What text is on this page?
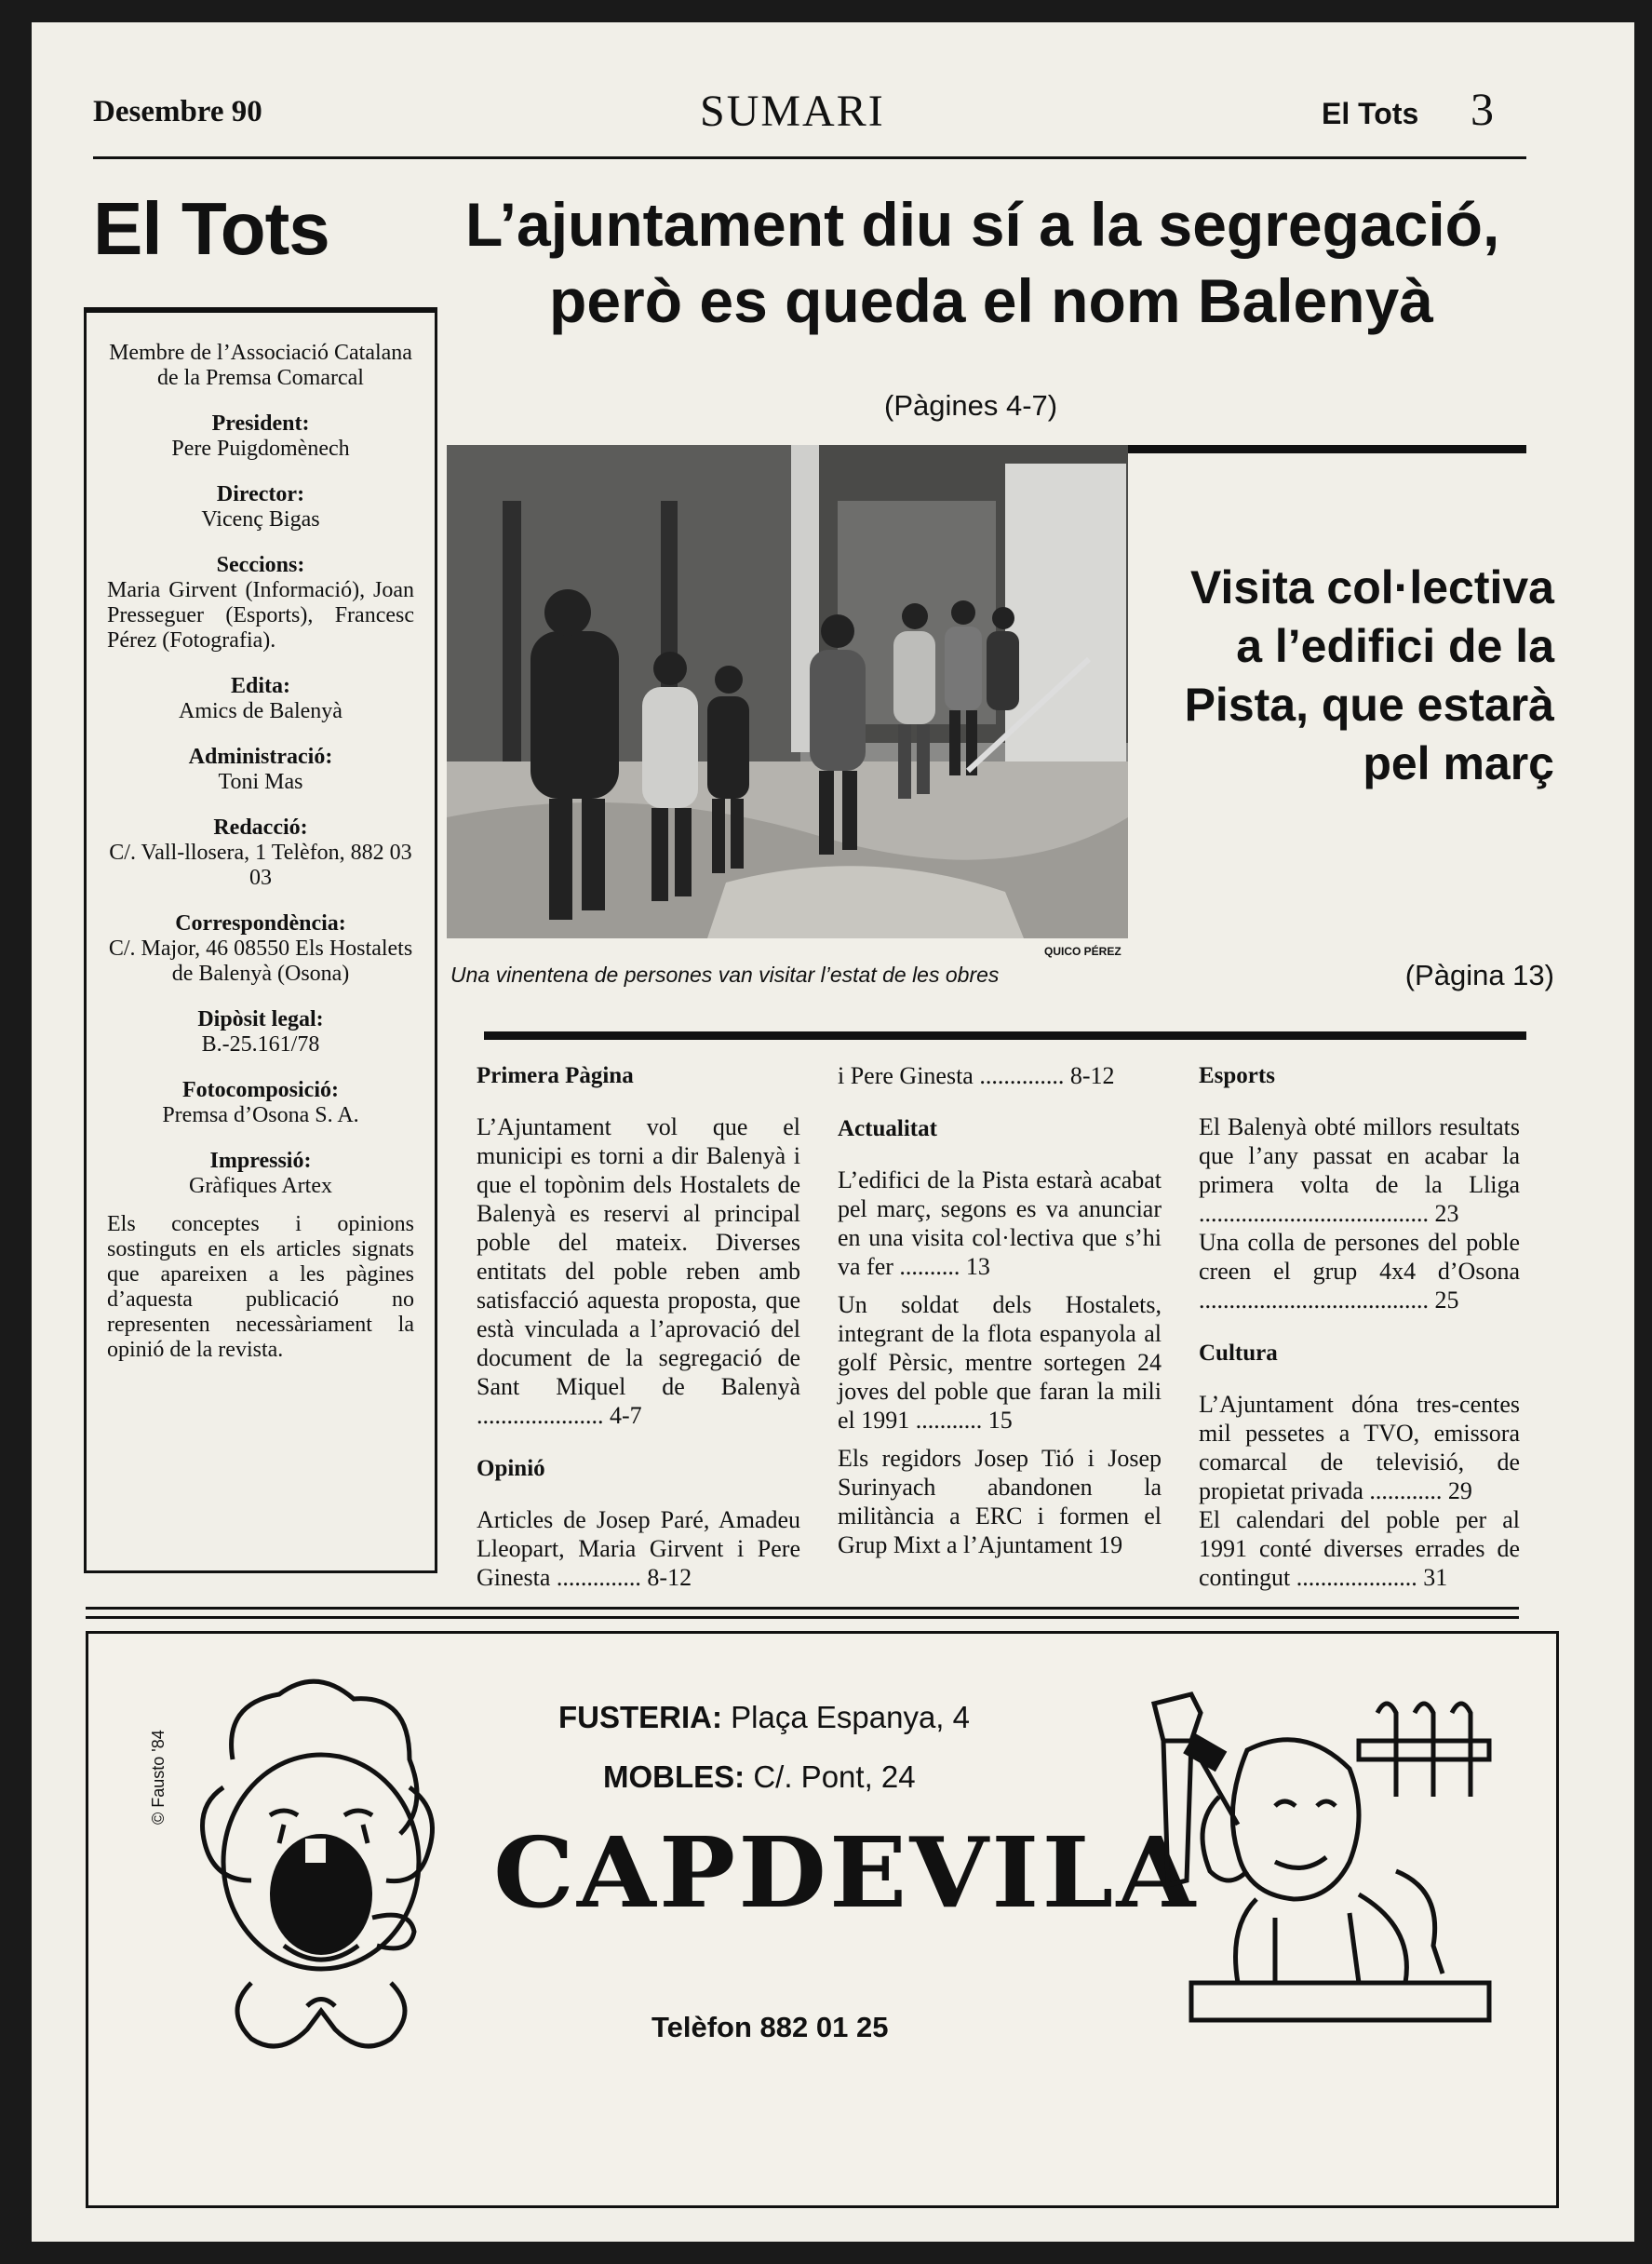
Desembre 90	SUMARI	El Tots 3
El Tots	L’ajuntament diu sí a la segregació,
però es queda el nom Balenyà
(Pàgines 4-7)
Membre de l’Associació Catalana de la Premsa Comarcal
President:
Pere Puigdomènech
Director:
Vicenç Bigas
Seccions:
Maria Girvent (Informació), Joan Presseguer (Esports), Francesc Pérez (Fotografia).
Edita:
Amics de Balenyà
Administració:
Toni Mas
Redacció:
C/. Vall-llosera, 1 Telèfon, 882 03 03
Correspondència:
C/. Major, 46 08550 Els Hostalets de Balenyà (Osona)
Dipòsit legal:
B.-25.161/78
Fotocomposició:
Premsa d’Osona S. A.
Impressió:
Gràfiques Artex
Els conceptes i opinions sostinguts en els articles signats que apareixen a les pàgines d’aquesta publicació no representen necessàriament la opinió de la revista.
QUICO PÉREZ
Una vinentena de persones van visitar l’estat de les obres
Visita col·lectiva a l’edifici de la Pista, que estarà pel març
(Pàgina 13)
Primera Pàgina

L’Ajuntament vol que el municipi es torni a dir Balenyà i que el topònim dels Hostalets de Balenyà es reservi al principal poble del mateix. Diverses entitats del poble reben amb satisfacció aquesta proposta, que està vinculada a l’aprovació del document de la segregació de Sant Miquel de Balenyà ..................... 4-7

Opinió

Articles de Josep Paré, Amadeu Lleopart, Maria Girvent i Pere Ginesta .............. 8-12

i Pere Ginesta .............. 8-12

Actualitat

L’edifici de la Pista estarà acabat pel març, segons es va anunciar en una visita col·lectiva que s’hi va fer .......... 13

Un soldat dels Hostalets, integrant de la flota espanyola al golf Pèrsic, mentre sortegen 24 joves del poble que faran la mili el 1991 ........... 15

Els regidors Josep Tió i Josep Surinyach abandonen la militància a ERC i formen el Grup Mixt a l’Ajuntament 19

Esports

El Balenyà obté millors resultats que l’any passat en acabar la primera volta de la Lliga ...................................... 23

Una colla de persones del poble creen el grup 4x4 d’Osona ...................................... 25

Cultura

L’Ajuntament dóna tres-centes mil pessetes a TVO, emissora comarcal de televisió, de propietat privada ............ 29

El calendari del poble per al 1991 conté diverses errades de contingut .................... 31

© Fausto '84
FUSTERIA: Plaça Espanya, 4
MOBLES: C/. Pont, 24
CAPDEVILA
Telèfon 882 01 25
